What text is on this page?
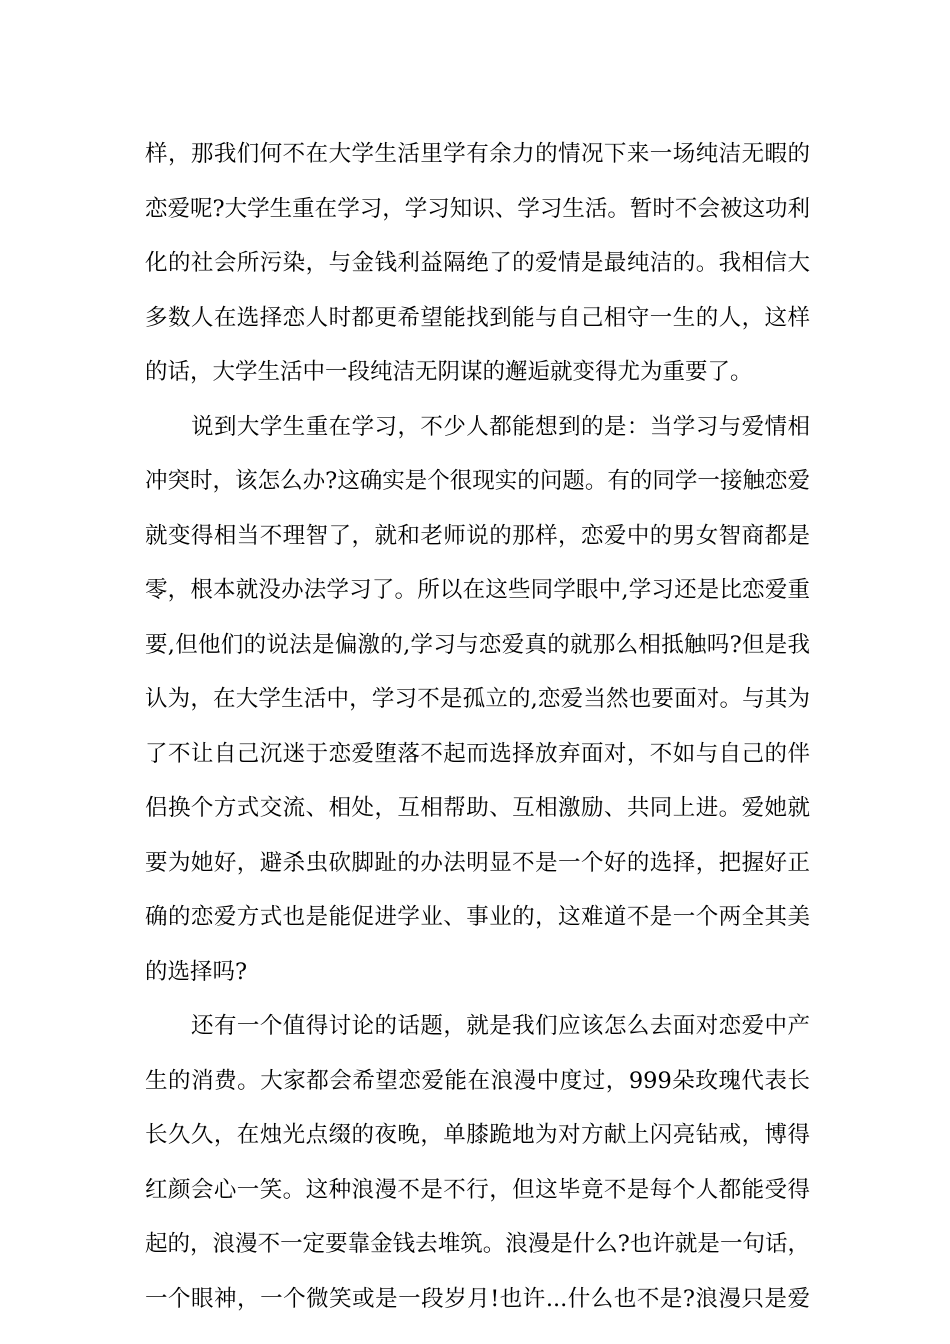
样，那我们何不在大学生活里学有余力的情况下来一场纯洁无暇的
恋爱呢?大学生重在学习，学习知识、学习生活。暂时不会被这功利
化的社会所污染，与金钱利益隔绝了的爱情是最纯洁的。我相信大
多数人在选择恋人时都更希望能找到能与自己相守一生的人，这样
的话，大学生活中一段纯洁无阴谋的邂逅就变得尤为重要了。
说到大学生重在学习，不少人都能想到的是：当学习与爱情相
冲突时，该怎么办?这确实是个很现实的问题。有的同学一接触恋爱
就变得相当不理智了，就和老师说的那样，恋爱中的男女智商都是
零，根本就没办法学习了。所以在这些同学眼中,学习还是比恋爱重
要,但他们的说法是偏激的,学习与恋爱真的就那么相抵触吗?但是我
认为，在大学生活中，学习不是孤立的,恋爱当然也要面对。与其为
了不让自己沉迷于恋爱堕落不起而选择放弃面对，不如与自己的伴
侣换个方式交流、相处，互相帮助、互相激励、共同上进。爱她就
要为她好，避杀虫砍脚趾的办法明显不是一个好的选择，把握好正
确的恋爱方式也是能促进学业、事业的，这难道不是一个两全其美
的选择吗?
还有一个值得讨论的话题，就是我们应该怎么去面对恋爱中产
生的消费。大家都会希望恋爱能在浪漫中度过，999朵玫瑰代表长
长久久，在烛光点缀的夜晚，单膝跪地为对方献上闪亮钻戒，博得
红颜会心一笑。这种浪漫不是不行，但这毕竟不是每个人都能受得
起的，浪漫不一定要靠金钱去堆筑。浪漫是什么?也许就是一句话，
一个眼神，一个微笑或是一段岁月!也许...什么也不是?浪漫只是爱
